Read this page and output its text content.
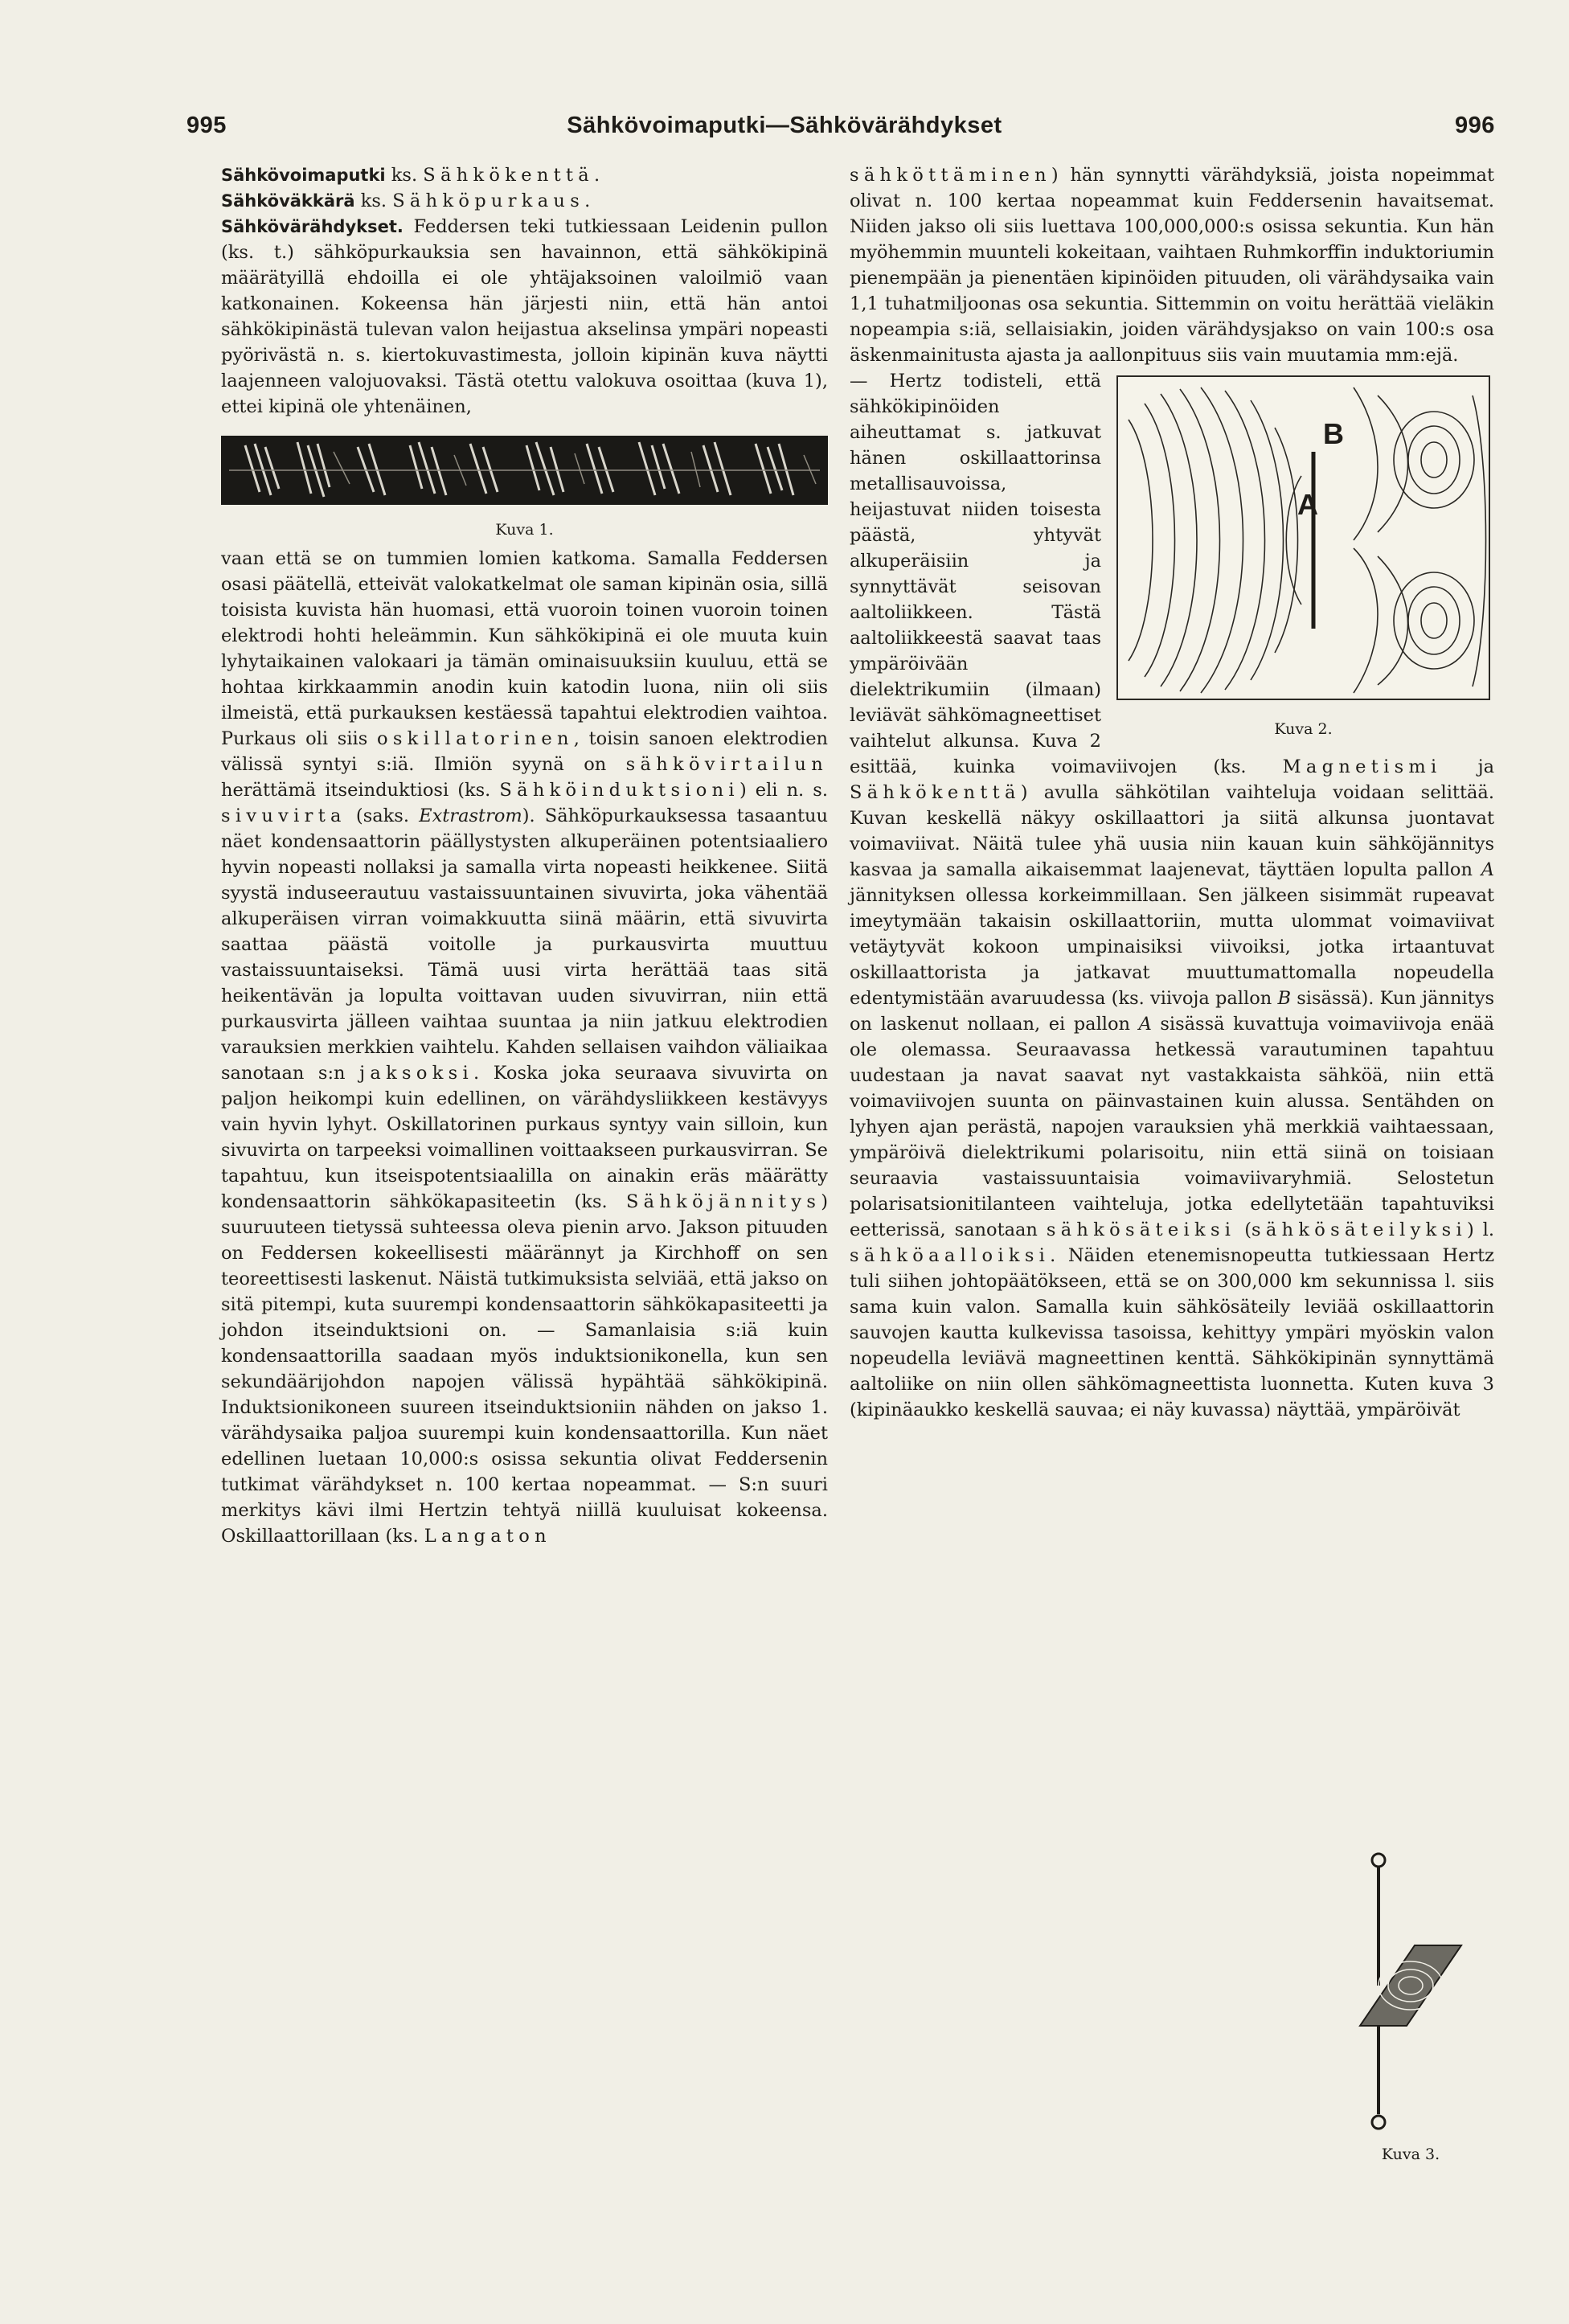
995	Sähkövoimaputki—Sähkövärähdykset	996

Sähkövoimaputki ks. Sähkökenttä.

Sähköväkkärä ks. Sähköpurkaus.

Sähkövärähdykset. Feddersen teki tutkiessaan Leidenin pullon (ks. t.) sähköpurkauksia sen havainnon, että sähkökipinä määrätyillä ehdoilla ei ole yhtäjaksoinen valoilmiö vaan katkonainen. Kokeensa hän järjesti niin, että hän antoi sähkökipinästä tulevan valon heijastua akselinsa ympäri nopeasti pyörivästä n. s. kiertokuvastimesta, jolloin kipinän kuva näytti laajenneen valojuovaksi. Tästä otettu valokuva osoittaa (kuva 1), ettei kipinä ole yhtenäinen,

Kuva 1.

vaan että se on tummien lomien katkoma. Samalla Feddersen osasi päätellä, etteivät valokatkelmat ole saman kipinän osia, sillä toisista kuvista hän huomasi, että vuoroin toinen vuoroin toinen elektrodi hohti heleämmin. Kun sähkökipinä ei ole muuta kuin lyhytaikainen valokaari ja tämän ominaisuuksiin kuuluu, että se hohtaa kirkkaammin anodin kuin katodin luona, niin oli siis ilmeistä, että purkauksen kestäessä tapahtui elektrodien vaihtoa. Purkaus oli siis oskillatorinen, toisin sanoen elektrodien välissä syntyi s:iä. Ilmiön syynä on sähkövirtailun herättämä itseinduktiosi (ks. Sähköinduktsioni) eli n. s. sivuvirta (saks. Extrastrom). Sähköpurkauksessa tasaantuu näet kondensaattorin päällystysten alkuperäinen potentsiaaliero hyvin nopeasti nollaksi ja samalla virta nopeasti heikkenee. Siitä syystä induseerautuu vastaissuuntainen sivuvirta, joka vähentää alkuperäisen virran voimakkuutta siinä määrin, että sivuvirta saattaa päästä voitolle ja purkausvirta muuttuu vastaissuuntaiseksi. Tämä uusi virta herättää taas sitä heikentävän ja lopulta voittavan uuden sivuvirran, niin että purkausvirta jälleen vaihtaa suuntaa ja niin jatkuu elektrodien varauksien merkkien vaihtelu. Kahden sellaisen vaihdon väliaikaa sanotaan s:n jaksoksi. Koska joka seuraava sivuvirta on paljon heikompi kuin edellinen, on värähdysliikkeen kestävyys vain hyvin lyhyt. Oskillatorinen purkaus syntyy vain silloin, kun sivuvirta on tarpeeksi voimallinen voittaakseen purkausvirran. Se tapahtuu, kun itseispotentsiaalilla on ainakin eräs määrätty kondensaattorin sähkökapasiteetin (ks. Sähköjännitys) suuruuteen tietyssä suhteessa oleva pienin arvo. Jakson pituuden on Feddersen kokeellisesti määrännyt ja Kirchhoff on sen teoreettisesti laskenut. Näistä tutkimuksista selviää, että jakso on sitä pitempi, kuta suurempi kondensaattorin sähkökapasiteetti ja johdon itseinduktsioni on. — Samanlaisia s:iä kuin kondensaattorilla saadaan myös induktsionikonella, kun sen sekundäärijohdon napojen välissä hypähtää sähkökipinä. Induktsionikoneen suureen itseinduktsioniin nähden on jakso 1. värähdysaika paljoa suurempi kuin kondensaattorilla. Kun näet edellinen luetaan 10,000:s osissa sekuntia olivat Feddersenin tutkimat värähdykset n. 100 kertaa nopeammat. — S:n suuri merkitys kävi ilmi Hertzin tehtyä niillä kuuluisat kokeensa. Oskillaattorillaan (ks. Langaton

sähköttäminen) hän synnytti värähdyksiä, joista nopeimmat olivat n. 100 kertaa nopeammat kuin Feddersenin havaitsemat. Niiden jakso oli siis luettava 100,000,000:s osissa sekuntia. Kun hän myöhemmin muunteli kokeitaan, vaihtaen Ruhmkorffin induktoriumin pienempään ja pienentäen kipinöiden pituuden, oli värähdysaika vain 1,1 tuhatmiljoonas osa sekuntia. Sittemmin on voitu herättää vieläkin nopeampia s:iä, sellaisiakin, joiden värähdysjakso on vain 100:s osa äskenmainitusta ajasta ja aallonpituus siis vain muutamia mm:ejä.

B
A
Kuva 2.

— Hertz todisteli, että sähkökipinöiden aiheuttamat s. jatkuvat hänen oskillaattorinsa metallisauvoissa, heijastuvat niiden toisesta päästä, yhtyvät alkuperäisiin ja synnyttävät seisovan aaltoliikkeen. Tästä aaltoliikkeestä saavat taas ympäröivään dielektrikumiin (ilmaan) leviävät sähkömagneettiset vaihtelut alkunsa. Kuva 2 esittää, kuinka voimaviivojen (ks. Magnetismi ja Sähkökenttä) avulla sähkötilan vaihteluja voidaan selittää. Kuvan keskellä näkyy oskillaattori ja siitä alkunsa juontavat voimaviivat. Näitä tulee yhä uusia niin kauan kuin sähköjännitys kasvaa ja samalla aikaisemmat laajenevat, täyttäen lopulta pallon A jännityksen ollessa korkeimmillaan. Sen jälkeen sisimmät rupeavat imeytymään takaisin oskillaattoriin, mutta ulommat voimaviivat vetäytyvät kokoon umpinaisiksi viivoiksi, jotka irtaantuvat oskillaattorista ja jatkavat muuttumattomalla nopeudella edentymistään avaruudessa (ks. viivoja pallon B sisässä). Kun jännitys on laskenut nollaan, ei pallon A sisässä kuvattuja voimaviivoja enää ole olemassa. Seuraavassa hetkessä varautuminen tapahtuu uudestaan ja navat saavat nyt vastakkaista sähköä, niin että voimaviivojen suunta on päinvastainen kuin alussa. Sentähden on lyhyen ajan perästä, napojen varauksien yhä merkkiä vaihtaessaan, ympäröivä dielektrikumi polarisoitu, niin että siinä on toisiaan seuraavia vastaissuuntaisia voimaviivaryhmiä. Selostetun polarisatsionitilanteen vaihteluja, jotka edellytetään tapahtuviksi eetterissä, sanotaan sähkösäteiksi (sähkösäteilyksi) l. sähköaalloiksi. Näiden etenemisnopeutta tutkiessaan Hertz tuli siihen johtopäätökseen, että se on 300,000 km sekunnissa l. siis sama kuin valon. Samalla kuin sähkösäteily leviää oskillaattorin sauvojen kautta kulkevissa tasoissa, kehittyy ympäri myöskin valon nopeudella leviävä magneettinen kenttä. Sähkökipinän synnyttämä aaltoliike on niin ollen sähkömagneettista luonnetta. Kuten kuva 3 (kipinäaukko keskellä sauvaa; ei näy kuvassa) näyttää, ympäröivät

Kuva 3.
